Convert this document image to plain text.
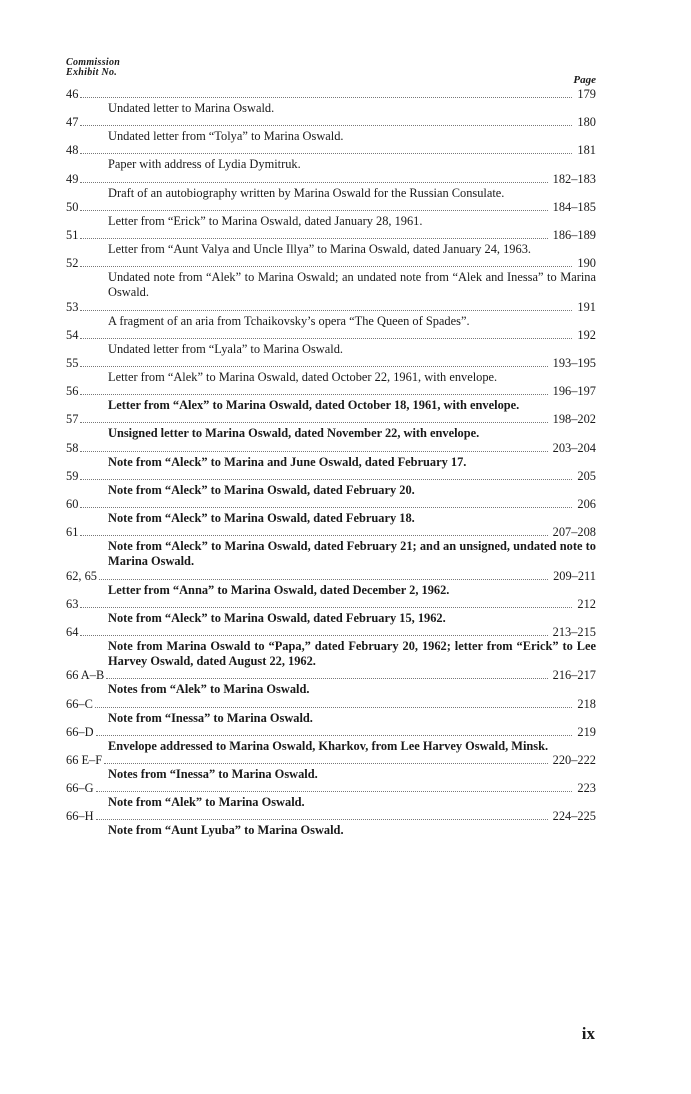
Commission
Exhibit No.
Page
46	179
Undated letter to Marina Oswald.
47	180
Undated letter from “Tolya” to Marina Oswald.
48	181
Paper with address of Lydia Dymitruk.
49	182–183
Draft of an autobiography written by Marina Oswald for the Russian Consulate.
50	184–185
Letter from “Erick” to Marina Oswald, dated January 28, 1961.
51	186–189
Letter from “Aunt Valya and Uncle Illya” to Marina Oswald, dated January 24, 1963.
52	190
Undated note from “Alek” to Marina Oswald; an undated note from “Alek and Inessa” to Marina Oswald.
53	191
A fragment of an aria from Tchaikovsky’s opera “The Queen of Spades”.
54	192
Undated letter from “Lyala” to Marina Oswald.
55	193–195
Letter from “Alek” to Marina Oswald, dated October 22, 1961, with envelope.
56	196–197
Letter from “Alex” to Marina Oswald, dated October 18, 1961, with envelope.
57	198–202
Unsigned letter to Marina Oswald, dated November 22, with envelope.
58	203–204
Note from “Aleck” to Marina and June Oswald, dated February 17.
59	205
Note from “Aleck” to Marina Oswald, dated February 20.
60	206
Note from “Aleck” to Marina Oswald, dated February 18.
61	207–208
Note from “Aleck” to Marina Oswald, dated February 21; and an unsigned, undated note to Marina Oswald.
62, 65	209–211
Letter from “Anna” to Marina Oswald, dated December 2, 1962.
63	212
Note from “Aleck” to Marina Oswald, dated February 15, 1962.
64	213–215
Note from Marina Oswald to “Papa,” dated February 20, 1962; letter from “Erick” to Lee Harvey Oswald, dated August 22, 1962.
66 A–B	216–217
Notes from “Alek” to Marina Oswald.
66–C	218
Note from “Inessa” to Marina Oswald.
66–D	219
Envelope addressed to Marina Oswald, Kharkov, from Lee Harvey Oswald, Minsk.
66 E–F	220–222
Notes from “Inessa” to Marina Oswald.
66–G	223
Note from “Alek” to Marina Oswald.
66–H	224–225
Note from “Aunt Lyuba” to Marina Oswald.
ix
